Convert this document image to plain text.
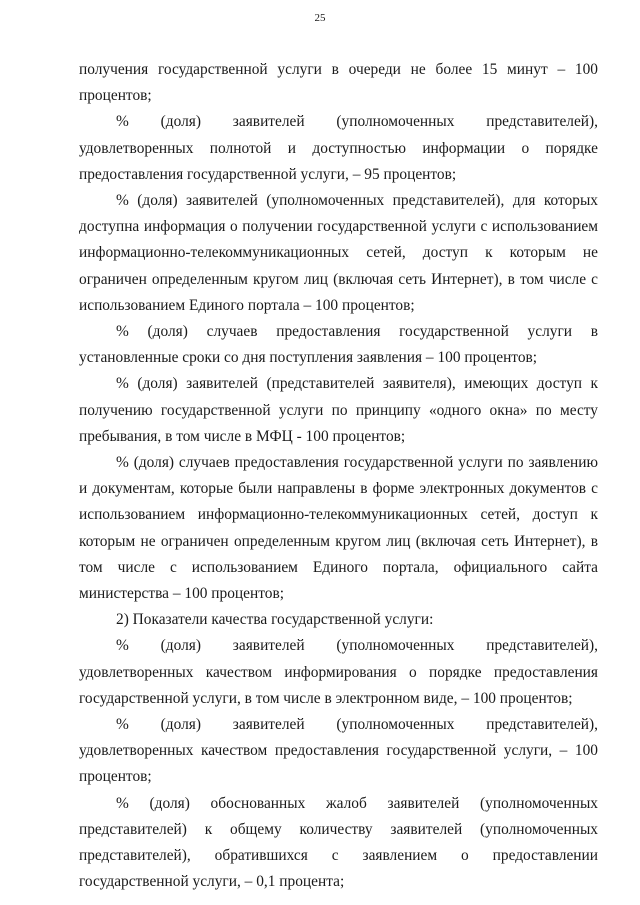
25

получения государственной услуги в очереди не более 15 минут – 100 процентов;

% (доля) заявителей (уполномоченных представителей), удовлетворенных полнотой и доступностью информации о порядке предоставления государственной услуги, – 95 процентов;

% (доля) заявителей (уполномоченных представителей), для которых доступна информация о получении государственной услуги с использованием информационно-телекоммуникационных сетей, доступ к которым не ограничен определенным кругом лиц (включая сеть Интернет), в том числе с использованием Единого портала – 100 процентов;

% (доля) случаев предоставления государственной услуги в установленные сроки со дня поступления заявления – 100 процентов;

% (доля) заявителей (представителей заявителя), имеющих доступ к получению государственной услуги по принципу «одного окна» по месту пребывания, в том числе в МФЦ - 100 процентов;

% (доля) случаев предоставления государственной услуги по заявлению и документам, которые были направлены в форме электронных документов с использованием информационно-телекоммуникационных сетей, доступ к которым не ограничен определенным кругом лиц (включая сеть Интернет), в том числе с использованием Единого портала, официального сайта министерства – 100 процентов;

2) Показатели качества государственной услуги:

% (доля) заявителей (уполномоченных представителей), удовлетворенных качеством информирования о порядке предоставления государственной услуги, в том числе в электронном виде, – 100 процентов;

% (доля) заявителей (уполномоченных представителей), удовлетворенных качеством предоставления государственной услуги, – 100 процентов;

% (доля) обоснованных жалоб заявителей (уполномоченных представителей) к общему количеству заявителей (уполномоченных представителей), обратившихся с заявлением о предоставлении государственной услуги, – 0,1 процента;
